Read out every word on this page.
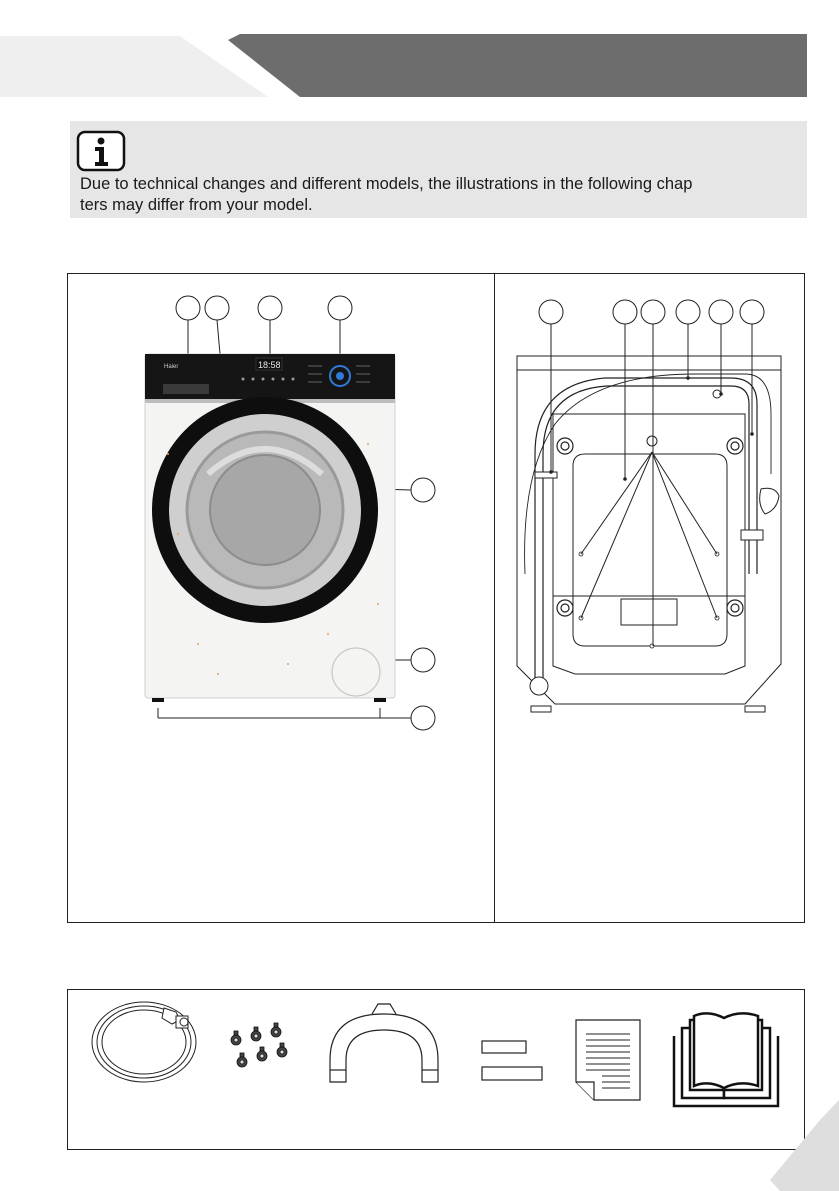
Due to technical changes and different models, the illustrations in the following chap
ters may differ from your model.
Haier	18:58
